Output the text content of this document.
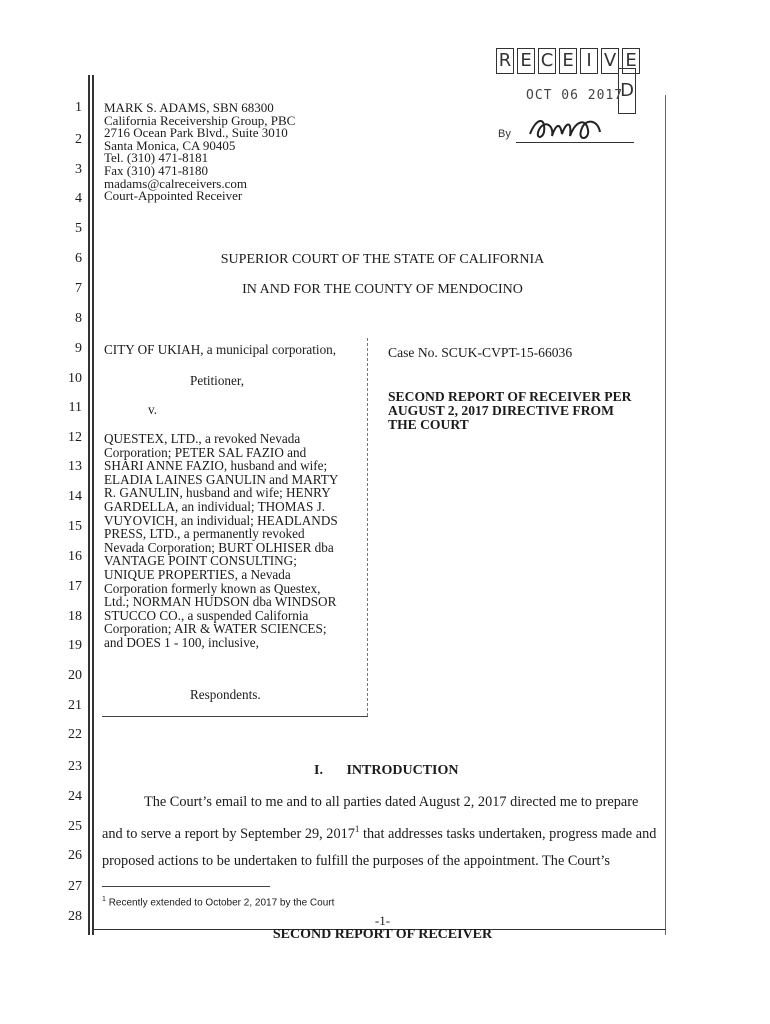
R E C E I V E
D
OCT 06 2017
By
1
2
3
4
5
6
7
8
9
10
11
12
13
14
15
16
17
18
19
20
21
22
23
24
25
26
27
28
MARK S. ADAMS, SBN 68300
California Receivership Group, PBC
2716 Ocean Park Blvd., Suite 3010
Santa Monica, CA 90405
Tel. (310) 471-8181
Fax (310) 471-8180
madams@calreceivers.com
Court-Appointed Receiver
SUPERIOR COURT OF THE STATE OF CALIFORNIA
IN AND FOR THE COUNTY OF MENDOCINO
CITY OF UKIAH, a municipal corporation,
Petitioner,
v.
QUESTEX, LTD., a revoked Nevada
Corporation; PETER SAL FAZIO and
SHARI ANNE FAZIO, husband and wife;
ELADIA LAINES GANULIN and MARTY
R. GANULIN, husband and wife; HENRY
GARDELLA, an individual; THOMAS J.
VUYOVICH, an individual; HEADLANDS
PRESS, LTD., a permanently revoked
Nevada Corporation; BURT OLHISER dba
VANTAGE POINT CONSULTING;
UNIQUE PROPERTIES, a Nevada
Corporation formerly known as Questex,
Ltd.; NORMAN HUDSON dba WINDSOR
STUCCO CO., a suspended California
Corporation; AIR & WATER SCIENCES;
and DOES 1 - 100, inclusive,
Respondents.
Case No. SCUK-CVPT-15-66036
SECOND REPORT OF RECEIVER PER
AUGUST 2, 2017 DIRECTIVE FROM
THE COURT
I. INTRODUCTION
The Court’s email to me and to all parties dated August 2, 2017 directed me to prepare
and to serve a report by September 29, 2017$^1$ that addresses tasks undertaken, progress made and
proposed actions to be undertaken to fulfill the purposes of the appointment. The Court’s
$^1$ Recently extended to October 2, 2017 by the Court
-1-
SECOND REPORT OF RECEIVER
